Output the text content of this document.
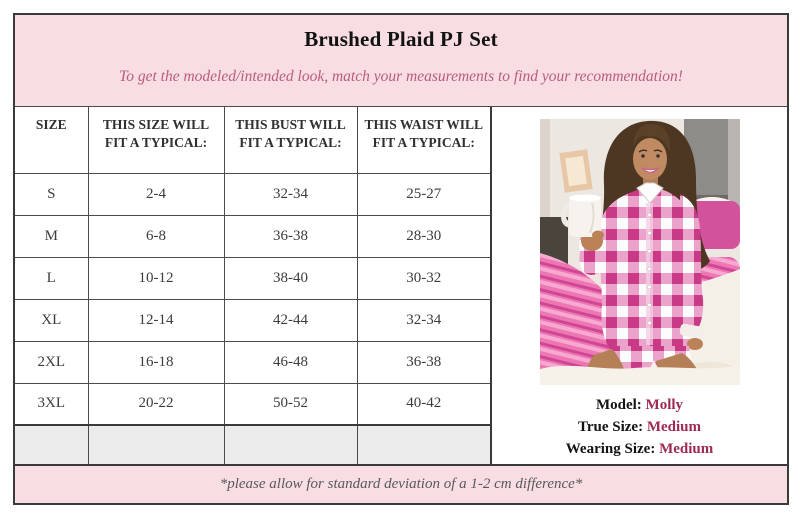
Brushed Plaid PJ Set
To get the modeled/intended look, match your measurements to find your recommendation!
SIZE	THIS SIZE WILL FIT A TYPICAL:	THIS BUST WILL FIT A TYPICAL:	THIS WAIST WILL FIT A TYPICAL:
S	2-4	32-34	25-27
M	6-8	36-38	28-30
L	10-12	38-40	30-32
XL	12-14	42-44	32-34
2XL	16-18	46-48	36-38
3XL	20-22	50-52	40-42
				Model: Molly
True Size: Medium
Wearing Size: Medium
*please allow for standard deviation of a 1-2 cm difference*
